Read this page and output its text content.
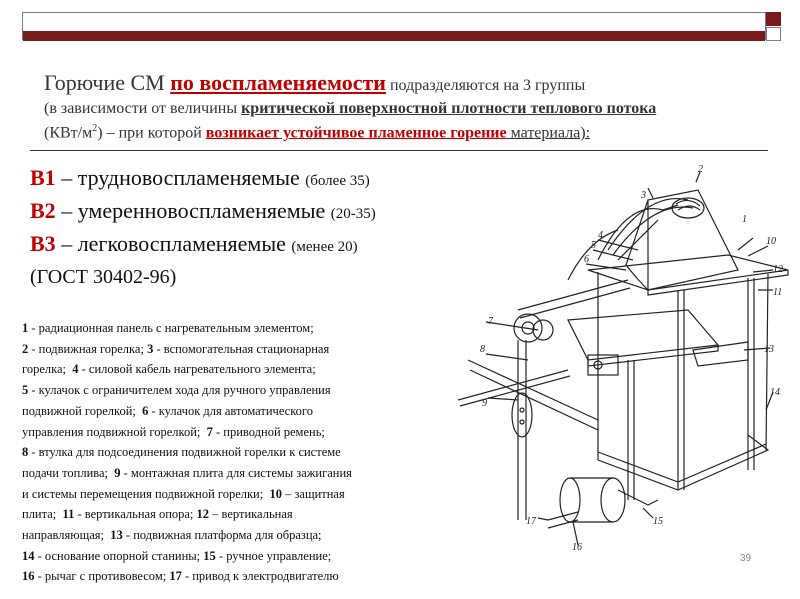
Горючие СМ по воспламеняемости подразделяются на 3 группы
(в зависимости от величины критической поверхностной плотности теплового потока
$(КВт/м^2)$ – при которой возникает устойчивое пламенное горение материала):
В1 – трудновоспламеняемые (более 35)
В2 – умеренновоспламеняемые (20-35)
В3 – легковоспламеняемые (менее 20)
(ГОСТ 30402-96)
1 - радиационная панель с нагревательным элементом;
2 - подвижная горелка; 3 - вспомогательная стационарная
горелка;  4 - силовой кабель нагревательного элемента;
5 - кулачок с ограничителем хода для ручного управления
подвижной горелкой;  6 - кулачок для автоматического
управления подвижной горелкой;  7 - приводной ремень;
8 - втулка для подсоединения подвижной горелки к системе
подачи топлива;  9 - монтажная плита для системы зажигания
и системы перемещения подвижной горелки;  10 – защитная
плита;  11 - вертикальная опора; 12 – вертикальная
направляющая;  13 - подвижная платформа для образца;
14 - основание опорной станины; 15 - ручное управление;
16 - рычаг с противовесом; 17 - привод к электродвигателю
39
2
3
4
5
6
1
10
12
11
7
8
9
13
14
15
17
16
